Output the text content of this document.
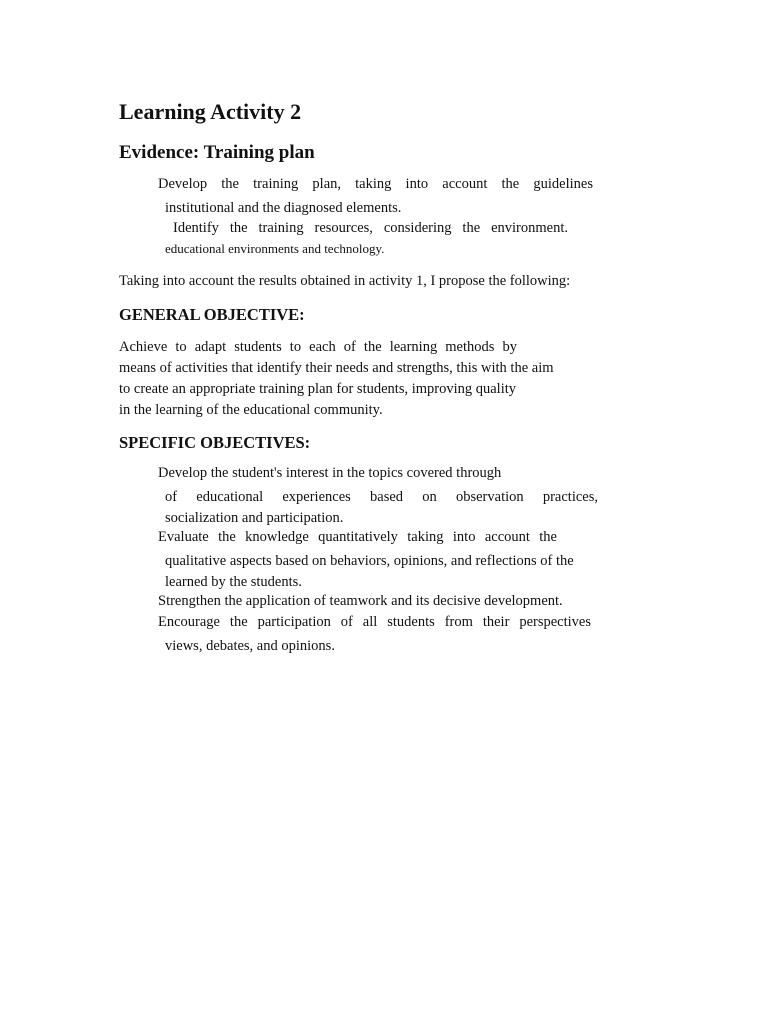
Learning Activity 2
Evidence: Training plan
Develop the training plan, taking into account the guidelines
institutional and the diagnosed elements.
Identify the training resources, considering the environment.
educational environments and technology.
Taking into account the results obtained in activity 1, I propose the following:
GENERAL OBJECTIVE:
Achieve to adapt students to each of the learning methods by
means of activities that identify their needs and strengths, this with the aim
to create an appropriate training plan for students, improving quality
in the learning of the educational community.
SPECIFIC OBJECTIVES:
Develop the student's interest in the topics covered through
of educational experiences based on observation practices,
socialization and participation.
Evaluate the knowledge quantitatively taking into account the
qualitative aspects based on behaviors, opinions, and reflections of the
learned by the students.
Strengthen the application of teamwork and its decisive development.
Encourage the participation of all students from their perspectives
views, debates, and opinions.
